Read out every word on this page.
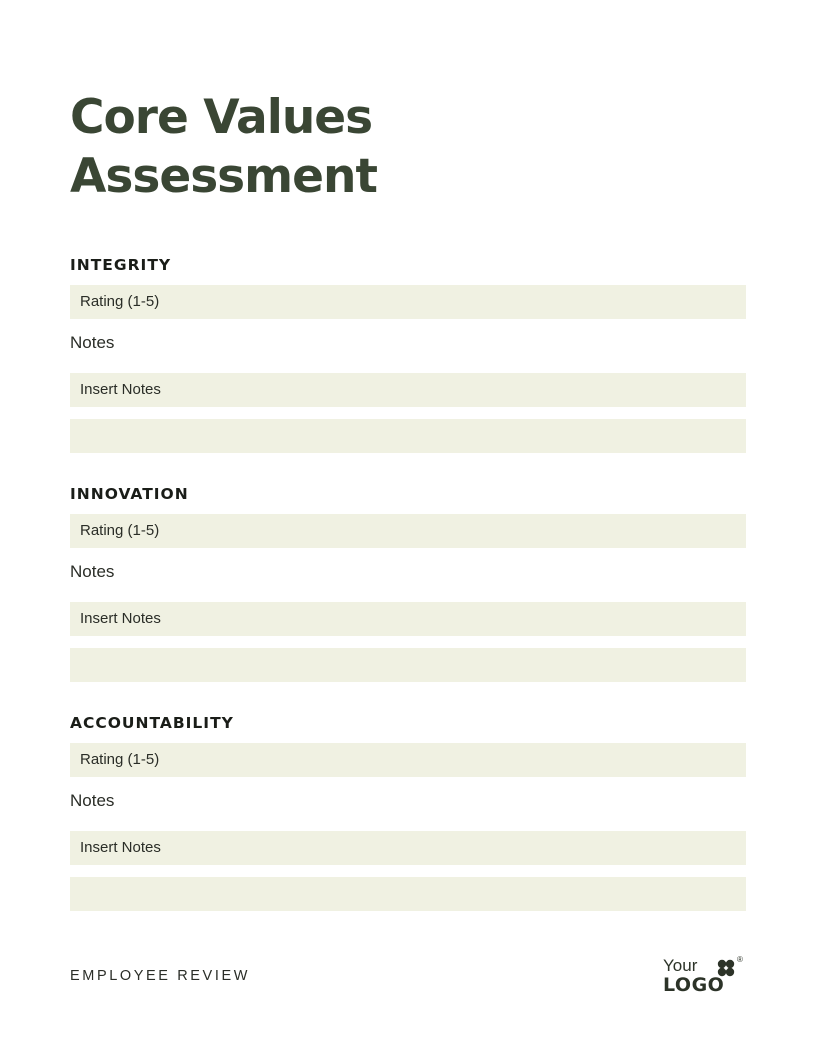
Core Values
Assessment
INTEGRITY
Rating (1-5)
Notes
Insert Notes
INNOVATION
Rating (1-5)
Notes
Insert Notes
ACCOUNTABILITY
Rating (1-5)
Notes
Insert Notes
EMPLOYEE REVIEW
Your	®
LOGO
